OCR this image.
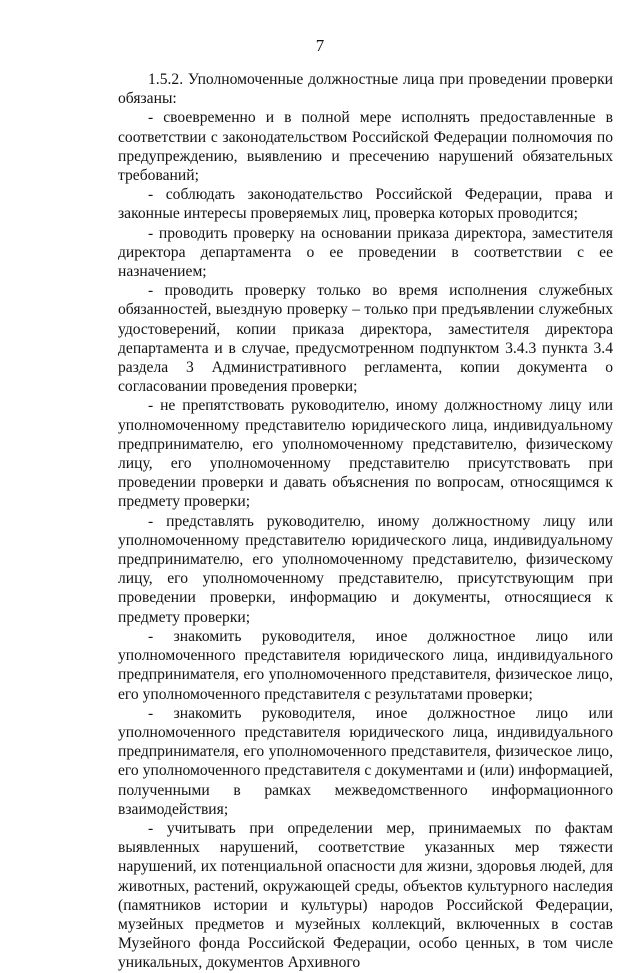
7

1.5.2. Уполномоченные должностные лица при проведении проверки обязаны:

- своевременно и в полной мере исполнять предоставленные в соответствии с законодательством Российской Федерации полномочия по предупреждению, выявлению и пресечению нарушений обязательных требований;

- соблюдать законодательство Российской Федерации, права и законные интересы проверяемых лиц, проверка которых проводится;

- проводить проверку на основании приказа директора, заместителя директора департамента о ее проведении в соответствии с ее назначением;

- проводить проверку только во время исполнения служебных обязанностей, выездную проверку – только при предъявлении служебных удостоверений, копии приказа директора, заместителя директора департамента и в случае, предусмотренном подпунктом 3.4.3 пункта 3.4 раздела 3 Административного регламента, копии документа о согласовании проведения проверки;

- не препятствовать руководителю, иному должностному лицу или уполномоченному представителю юридического лица, индивидуальному предпринимателю, его уполномоченному представителю, физическому лицу, его уполномоченному представителю присутствовать при проведении проверки и давать объяснения по вопросам, относящимся к предмету проверки;

- представлять руководителю, иному должностному лицу или уполномоченному представителю юридического лица, индивидуальному предпринимателю, его уполномоченному представителю, физическому лицу, его уполномоченному представителю, присутствующим при проведении проверки, информацию и документы, относящиеся к предмету проверки;

- знакомить руководителя, иное должностное лицо или уполномоченного представителя юридического лица, индивидуального предпринимателя, его уполномоченного представителя, физическое лицо, его уполномоченного представителя с результатами проверки;

- знакомить руководителя, иное должностное лицо или уполномоченного представителя юридического лица, индивидуального предпринимателя, его уполномоченного представителя, физическое лицо, его уполномоченного представителя с документами и (или) информацией, полученными в рамках межведомственного информационного взаимодействия;

- учитывать при определении мер, принимаемых по фактам выявленных нарушений, соответствие указанных мер тяжести нарушений, их потенциальной опасности для жизни, здоровья людей, для животных, растений, окружающей среды, объектов культурного наследия (памятников истории и культуры) народов Российской Федерации, музейных предметов и музейных коллекций, включенных в состав Музейного фонда Российской Федерации, особо ценных, в том числе уникальных, документов Архивного
